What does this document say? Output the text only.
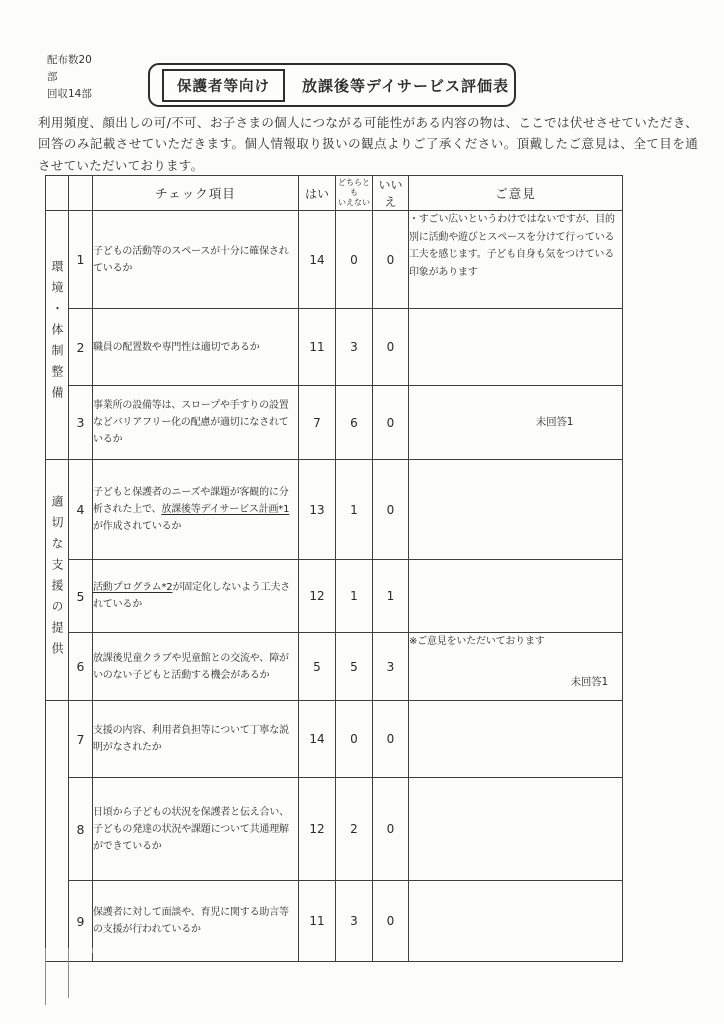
配布数20
部
回収14部	保護者等向け	放課後等デイサービス評価表
利用頻度、顔出しの可/不可、お子さまの個人につながる可能性がある内容の物は、ここでは伏せさせていただき、回答のみ記載させていただきます。個人情報取り扱いの観点よりご了承ください。頂戴したご意見は、全て目を通させていただいております。
		チェック項目	はい	どちらとも
いえない	いいえ	ご意見
環境・体制整備	1	子どもの活動等のスペースが十分に確保されているか	14	0	0	・すごい広いというわけではないですが、目的別に活動や遊びとスペースを分けて行っている工夫を感じます。子ども自身も気をつけている印象があります
	2	職員の配置数や専門性は適切であるか	11	3	0	
	3	事業所の設備等は、スロープや手すりの設置などバリアフリー化の配慮が適切になされているか	7	6	0	未回答1

適切な支援の提供	4	子どもと保護者のニーズや課題が客観的に分析された上で、放課後等デイサービス計画*1が作成されているか	13	1	0	
	5	活動プログラム*2が固定化しないよう工夫されているか	12	1	1	
	6	放課後児童クラブや児童館との交流や、障がいのない子どもと活動する機会があるか	5	5	3	※ご意見をいただいております
未回答1

	7	支援の内容、利用者負担等について丁寧な説明がなされたか	14	0	0	
	8	日頃から子どもの状況を保護者と伝え合い、子どもの発達の状況や課題について共通理解ができているか	12	2	0	
	9	保護者に対して面談や、育児に関する助言等の支援が行われているか	11	3	0	
